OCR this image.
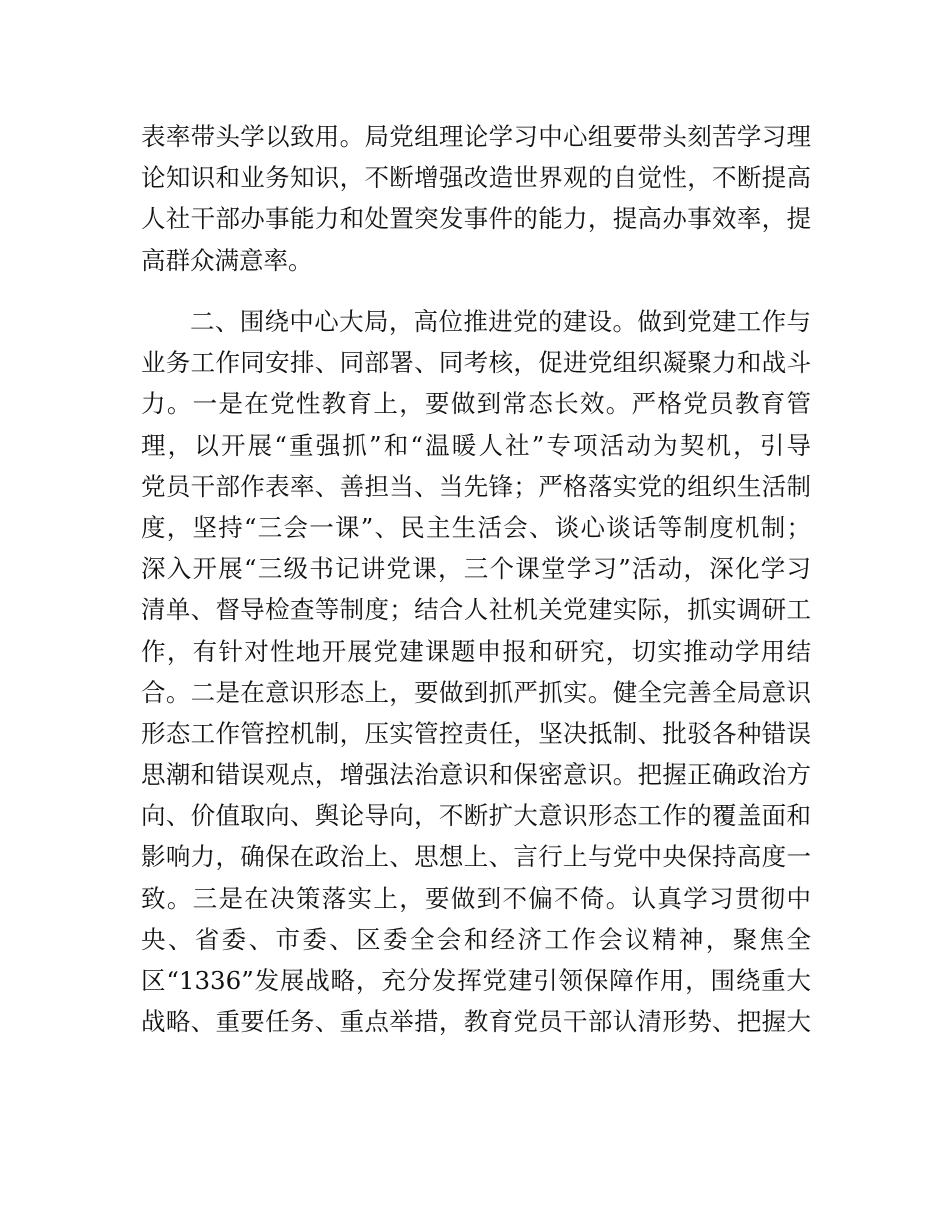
表率带头学以致用。局党组理论学习中心组要带头刻苦学习理
论知识和业务知识，不断增强改造世界观的自觉性，不断提高
人社干部办事能力和处置突发事件的能力，提高办事效率，提
高群众满意率。
二、围绕中心大局，高位推进党的建设。做到党建工作与
业务工作同安排、同部署、同考核，促进党组织凝聚力和战斗
力。一是在党性教育上，要做到常态长效。严格党员教育管
理，以开展“重强抓”和“温暖人社”专项活动为契机，引导
党员干部作表率、善担当、当先锋；严格落实党的组织生活制
度，坚持“三会一课”、民主生活会、谈心谈话等制度机制；
深入开展“三级书记讲党课，三个课堂学习”活动，深化学习
清单、督导检查等制度；结合人社机关党建实际，抓实调研工
作，有针对性地开展党建课题申报和研究，切实推动学用结
合。二是在意识形态上，要做到抓严抓实。健全完善全局意识
形态工作管控机制，压实管控责任，坚决抵制、批驳各种错误
思潮和错误观点，增强法治意识和保密意识。把握正确政治方
向、价值取向、舆论导向，不断扩大意识形态工作的覆盖面和
影响力，确保在政治上、思想上、言行上与党中央保持高度一
致。三是在决策落实上，要做到不偏不倚。认真学习贯彻中
央、省委、市委、区委全会和经济工作会议精神，聚焦全
区“1336”发展战略，充分发挥党建引领保障作用，围绕重大
战略、重要任务、重点举措，教育党员干部认清形势、把握大
